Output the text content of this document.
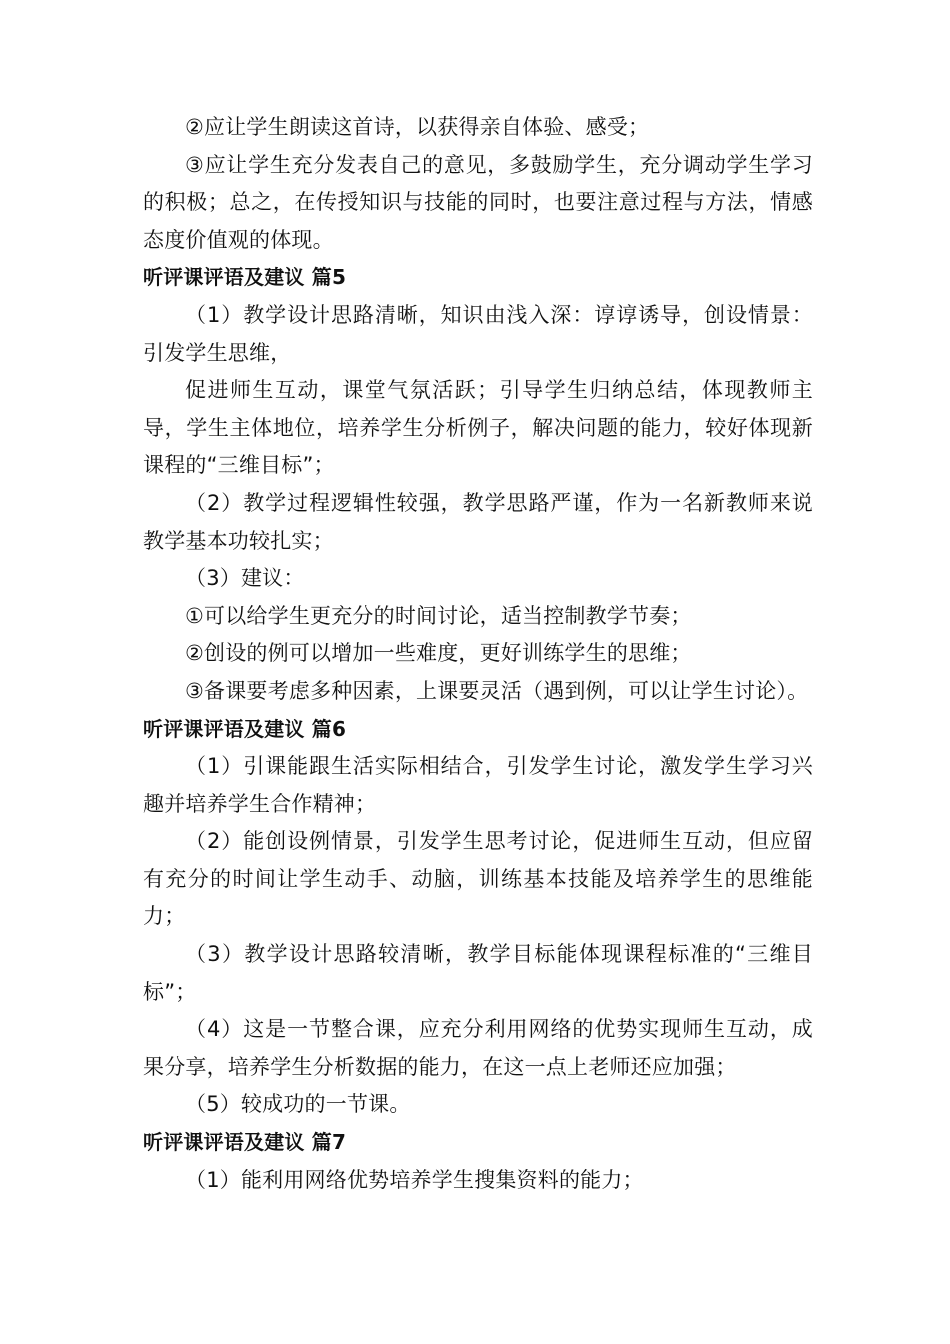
②应让学生朗读这首诗，以获得亲自体验、感受；

③应让学生充分发表自己的意见，多鼓励学生，充分调动学生学习的积极；总之，在传授知识与技能的同时，也要注意过程与方法，情感态度价值观的体现。

听评课评语及建议 篇5

（1）教学设计思路清晰，知识由浅入深：谆谆诱导，创设情景：引发学生思维，

促进师生互动，课堂气氛活跃；引导学生归纳总结，体现教师主导，学生主体地位，培养学生分析例子，解决问题的能力，较好体现新课程的“三维目标”；

（2）教学过程逻辑性较强，教学思路严谨，作为一名新教师来说教学基本功较扎实；

（3）建议：

①可以给学生更充分的时间讨论，适当控制教学节奏；

②创设的例可以增加一些难度，更好训练学生的思维；

③备课要考虑多种因素，上课要灵活（遇到例，可以让学生讨论）。

听评课评语及建议 篇6

（1）引课能跟生活实际相结合，引发学生讨论，激发学生学习兴趣并培养学生合作精神；

（2）能创设例情景，引发学生思考讨论，促进师生互动，但应留有充分的时间让学生动手、动脑，训练基本技能及培养学生的思维能力；

（3）教学设计思路较清晰，教学目标能体现课程标准的“三维目标”；

（4）这是一节整合课，应充分利用网络的优势实现师生互动，成果分享，培养学生分析数据的能力，在这一点上老师还应加强；

（5）较成功的一节课。

听评课评语及建议 篇7

（1）能利用网络优势培养学生搜集资料的能力；
